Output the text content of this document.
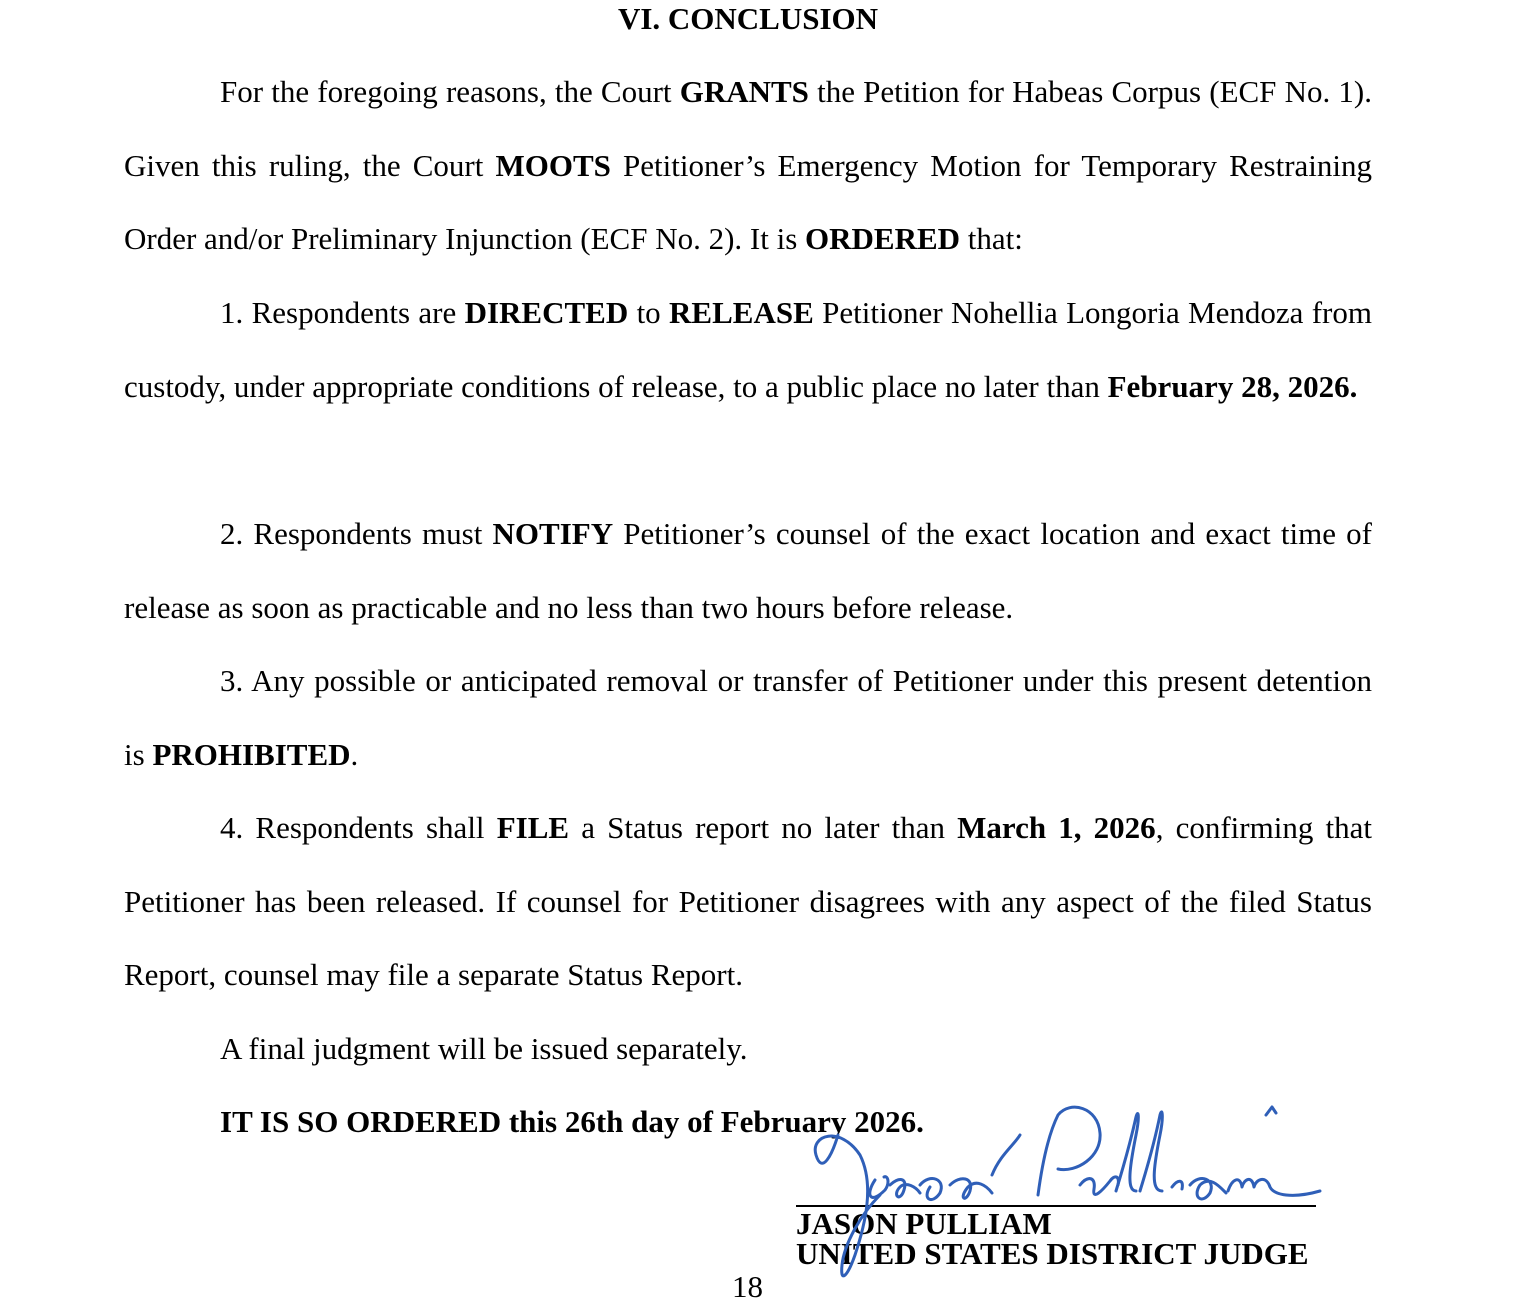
VI. CONCLUSION

For the foregoing reasons, the Court GRANTS the Petition for Habeas Corpus (ECF No. 1). Given this ruling, the Court MOOTS Petitioner’s Emergency Motion for Temporary Restraining Order and/or Preliminary Injunction (ECF No. 2). It is ORDERED that:

1. Respondents are DIRECTED to RELEASE Petitioner Nohellia Longoria Mendoza from custody, under appropriate conditions of release, to a public place no later than February 28, 2026.

2. Respondents must NOTIFY Petitioner’s counsel of the exact location and exact time of release as soon as practicable and no less than two hours before release.

3. Any possible or anticipated removal or transfer of Petitioner under this present detention is PROHIBITED.

4. Respondents shall FILE a Status report no later than March 1, 2026, confirming that Petitioner has been released. If counsel for Petitioner disagrees with any aspect of the filed Status Report, counsel may file a separate Status Report.

A final judgment will be issued separately.

IT IS SO ORDERED this 26th day of February 2026.
JASON PULLIAM
UNITED STATES DISTRICT JUDGE
18
